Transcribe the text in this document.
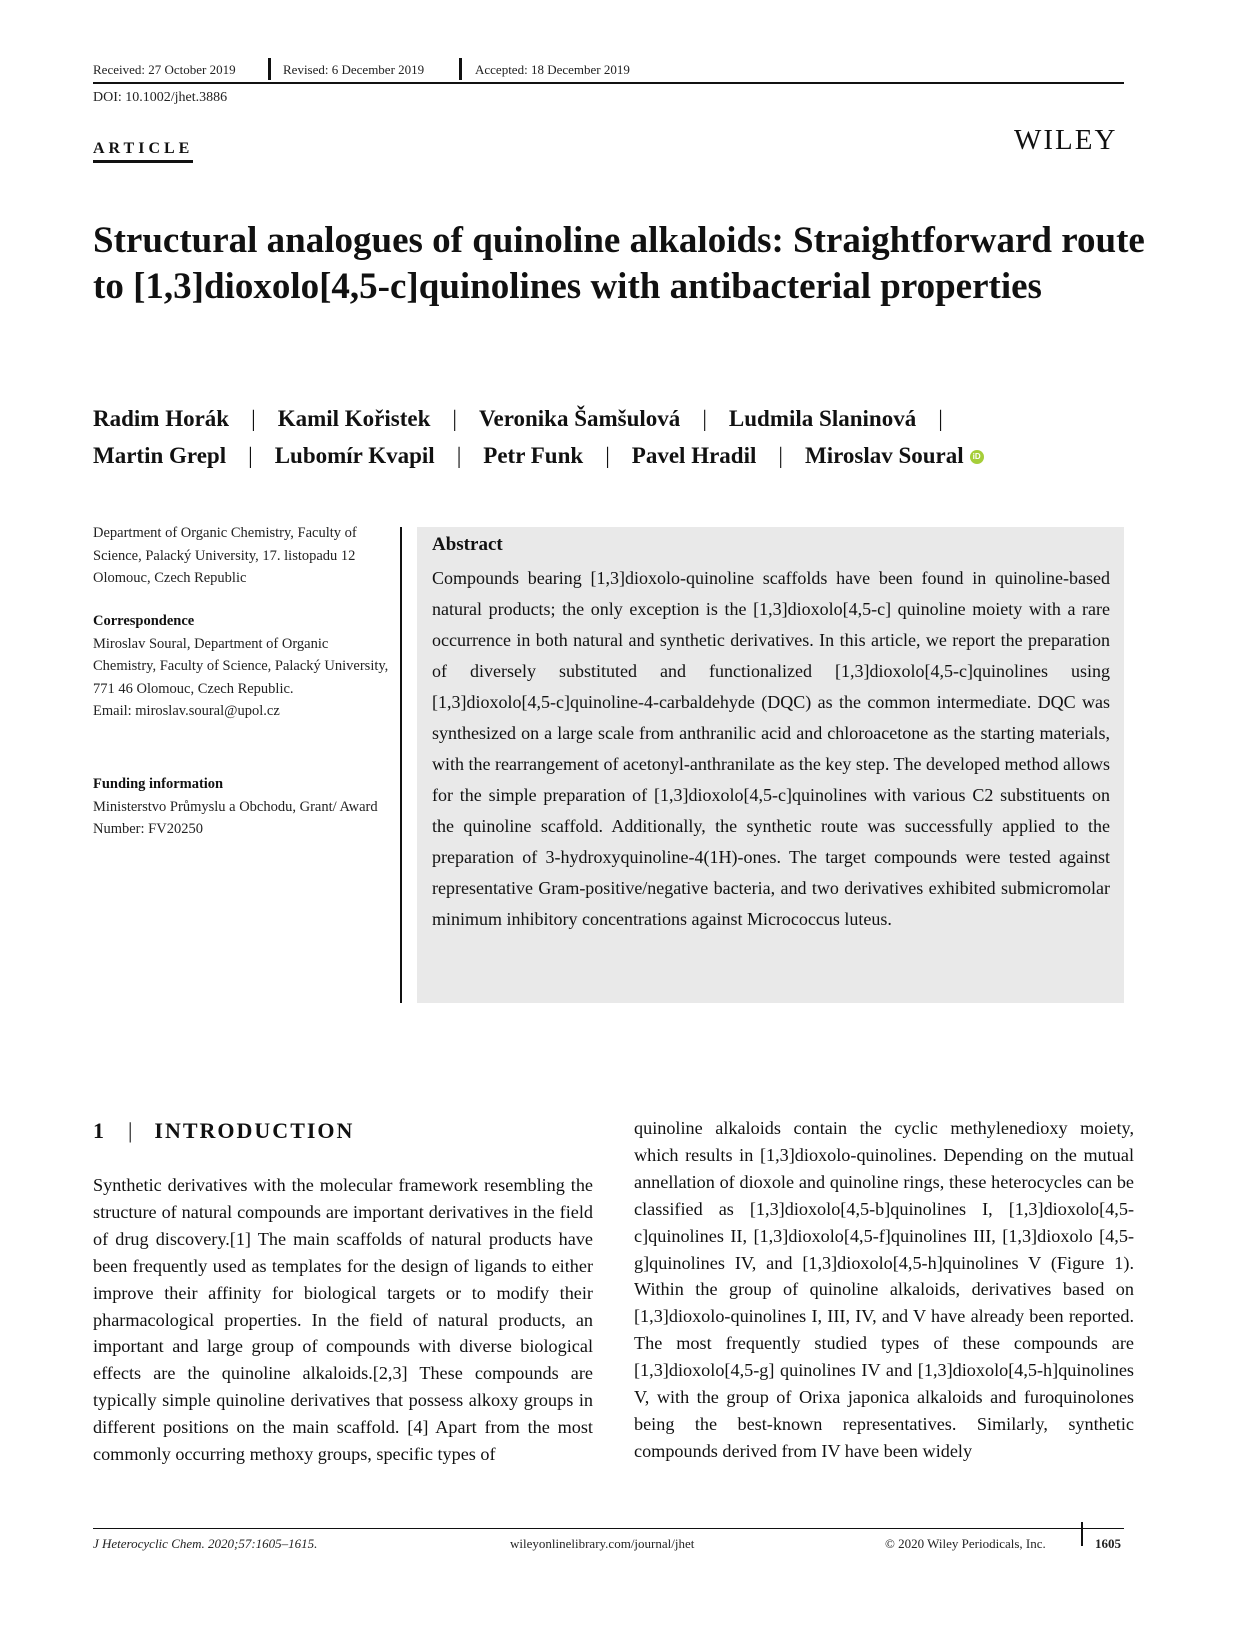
Received: 27 October 2019	Revised: 6 December 2019	Accepted: 18 December 2019
DOI: 10.1002/jhet.3886
ARTICLE	WILEY
Structural analogues of quinoline alkaloids: Straightforward route to [1,3]dioxolo[4,5-c]quinolines with antibacterial properties
Radim Horák | Kamil Kořistek | Veronika Šamšulová | Ludmila Slaninová |
Martin Grepl | Lubomír Kvapil | Petr Funk | Pavel Hradil | Miroslav Soural iD
Department of Organic Chemistry, Faculty of Science, Palacký University, 17. listopadu 12 Olomouc, Czech Republic
Correspondence
Miroslav Soural, Department of Organic Chemistry, Faculty of Science, Palacký University, 771 46 Olomouc, Czech Republic.
Email: miroslav.soural@upol.cz
Funding information
Ministerstvo Průmyslu a Obchodu, Grant/ Award Number: FV20250
Abstract
Compounds bearing [1,3]dioxolo-quinoline scaffolds have been found in quinoline-based natural products; the only exception is the [1,3]dioxolo[4,5-c] quinoline moiety with a rare occurrence in both natural and synthetic derivatives. In this article, we report the preparation of diversely substituted and functionalized [1,3]dioxolo[4,5-c]quinolines using [1,3]dioxolo[4,5-c]quinoline-4-carbaldehyde (DQC) as the common intermediate. DQC was synthesized on a large scale from anthranilic acid and chloroacetone as the starting materials, with the rearrangement of acetonyl-anthranilate as the key step. The developed method allows for the simple preparation of [1,3]dioxolo[4,5-c]quinolines with various C2 substituents on the quinoline scaffold. Additionally, the synthetic route was successfully applied to the preparation of 3-hydroxyquinoline-4(1H)-ones. The target compounds were tested against representative Gram-positive/negative bacteria, and two derivatives exhibited submicromolar minimum inhibitory concentrations against Micrococcus luteus.
1 | INTRODUCTION
Synthetic derivatives with the molecular framework resembling the structure of natural compounds are important derivatives in the field of drug discovery.[1] The main scaffolds of natural products have been frequently used as templates for the design of ligands to either improve their affinity for biological targets or to modify their pharmacological properties. In the field of natural products, an important and large group of compounds with diverse biological effects are the quinoline alkaloids.[2,3] These compounds are typically simple quinoline derivatives that possess alkoxy groups in different positions on the main scaffold. [4] Apart from the most commonly occurring methoxy groups, specific types of
quinoline alkaloids contain the cyclic methylenedioxy moiety, which results in [1,3]dioxolo-quinolines. Depending on the mutual annellation of dioxole and quinoline rings, these heterocycles can be classified as [1,3]dioxolo[4,5-b]quinolines I, [1,3]dioxolo[4,5-c]quinolines II, [1,3]dioxolo[4,5-f]quinolines III, [1,3]dioxolo [4,5-g]quinolines IV, and [1,3]dioxolo[4,5-h]quinolines V (Figure 1). Within the group of quinoline alkaloids, derivatives based on [1,3]dioxolo-quinolines I, III, IV, and V have already been reported. The most frequently studied types of these compounds are [1,3]dioxolo[4,5-g] quinolines IV and [1,3]dioxolo[4,5-h]quinolines V, with the group of Orixa japonica alkaloids and furoquinolones being the best-known representatives. Similarly, synthetic compounds derived from IV have been widely
J Heterocyclic Chem. 2020;57:1605–1615.	wileyonlinelibrary.com/journal/jhet	© 2020 Wiley Periodicals, Inc.	1605
